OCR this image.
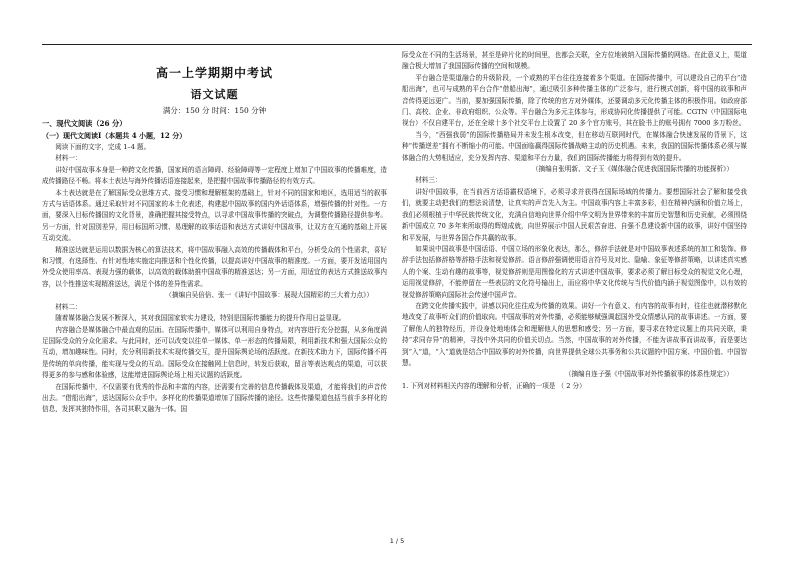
高一上学期期中考试
语文试题
满分：150 分 时间：150 分钟
一、现代文阅读（26 分）
（一）现代文阅读Ⅰ（本题共 4 小题，12 分）

阅读下面的文字，完成 1–4 题。

材料一：

讲好中国故事本身是一种跨文化传播，国家间的语言障碍、经验障碍等一定程度上增加了中国故事的传播难度，造成传播路径不畅。将本土表达与海外传播话语连接起来，是把握中国故事传播路径的有效方式。

本土表达就是在了解国际受众思维方式、接受习惯和理解框架的基础上，针对不同的国家和地区，选用适当的叙事方式与话语体系。通过采取针对不同国家的本土化表述，构建起中国故事的国内外话语体系，增强传播的针对性。一方面，要深入目标传播国的文化背景，准确把握其接受特点，以寻求中国故事传播的突破点，为调整传播路径提供参考。另一方面，针对国别差异，用目标国所习惯、易理解的故事话语和表达方式讲好中国故事，让双方在互通的基础上开展互动交流。

精准送达就是运用以数据为核心的算法技术，将中国故事融入高效的传播载体和平台，分析受众的个性需求，喜好和习惯，有选择性、有针对性地实施定向推送和个性化传播，以提高讲好中国故事的精准度。一方面，要开发适用国内外受众使用率高、表现力强的载体，以高效的载体助推中国故事的精准送达；另一方面，用适宜的表达方式推送故事内容，以个性推送实现精准送达，满足个体的差异性需求。

（摘编自吴倍倍、张一《讲好中国故事：展现大国精彩的三大着力点》）

材料二：

随着媒体融合发展不断深入，其对我国国家软实力建设，特别是国际传播能力的提升作用日益显现。

内容融合是媒体融合中最直观的层面。在国际传播中，媒体可以利用自身特点，对内容进行充分挖掘，从多角度满足国际受众的分众化需求。与此同时，还可以改变以往单一媒体、单一形态的传播局限，利用新技术和强大国际公众的互动，增加趣味性。同时，充分利用新技术实现传播交互，提升国际舆论场的活跃度。在新技术助力下，国际传播不再是传统的单向传播，能实现与受众的互动。国际受众在接触网上信息时，转发后获取，留言等表达观点的渠道，可以获得更多的参与感和体验感，这能增进国际舆论场上相关议题的活跃度。

在国际传播中，不仅需要有优秀的作品和丰富的内容，还需要有完善的信息传播载体及渠道，才能将我们的声音传出去。“借船出海”，送达国际公众手中。多样化的传播渠道增加了国际传播的途径。这些传播渠道包括当前手多样化的信息，发挥其独特作用，各司其职又融为一体。国

际受众在不同的生活场景，甚至是碎片化的时间里，也都会关联，全方位地被纳入国际传播的网络。在此意义上，渠道融合极大增加了我国国际传播的空间和规模。

平台融合是渠道融合的升级阶段，一个或熟的平台往往连接着多个渠道。在国际传播中，可以建设自己的平台“造船出海”，也可与成熟的平台合作“借船出海”，通过吸引多种传播主体的广泛参与，进行模式创新，将中国的故事和声音传得更远更广。当前，要加强国际传播，除了传统的官方对外媒体，还要调动多元化传播主体的积极作用。如政府部门、高校、企业、非政府组织、公众等。平台融合为多元主体参与，形成协同化传播提供了可能。CGTN（中国国际电视台）不仅自建平台，还在全球十多个社交平台上设置了 20 多个官方账号，其在脸书上的账号拥有 7000 多万粉丝。

当今，“西强我弱”的国际传播格局并未发生根本改变，但在移动互联网时代，在媒体融合快速发展的背景下，这种“传播逆差”拥有不断缩小的可能。中国面临赢得国际传播战略主动的历史机遇。未来，我国的国际传播体系必须与媒体融合的大势相适应，充分发挥内容、渠道和平台力量，我们的国际传播能力将得到有效的提升。

（摘编自张明新、文子玉《媒体融合促进我国国际传播的功能探析》）

材料三：

讲好中国故事，在当前西方话语霸权语境下，必须寻求并获得在国际场域的传播力。要想国际社会了解和接受我们，就要主动把我们的想法说清楚，让真实的声音先入为主。中国故事内容上丰富多彩，但在精神内涵和价值立场上，我们必须根植于中华民族传统文化，充满自信地向世界介绍中华文明为世界带来的丰富历史智慧和历史贡献，必须围绕新中国成立 70 多年来所取得的辉煌成就，向世界展示中国人民艰苦奋进、自强不息建设新中国的故事，讲好中国坚持和平发展，与世界各国合作共赢的故事。

如果说中国故事是中国话语、中国立场的形象化表达，那么，修辞手法就是对中国故事表述系统的加工和装饰。修辞手法包括修辞格等辞格手法和视觉修辞。语言修辞强调使用语言符号及对比、隐喻、象征等修辞策略，以讲述真实感人的个案、生动有趣的故事等，视觉修辞则是用图像化的方式讲述中国故事，要求必须了解目标受众的视觉文化心理，运用视觉修辞，不能停留在一些表层的文化符号输出上，而应将中华文化传统与当代价值内涵于视觉图像中，以有效的视觉修辞策略向国际社会传递中国声音。

在跨文化传播实践中，讲感以同化往往成为传播的效果。讲好一个有意义、有内容的故事有时，往往也就潜移默化地改变了故事听众们的价值取向。中国故事的对外传播，必须能够赋强调起国外受众情感认同的故事讲述。一方面，要了解他人的独特经历，并设身处地地体会和理解他人的思想和感受；另一方面，要寻求在特定议题上的共同关联，秉持“求同存异”的精神，寻找中外共同的价值关切点。当然，中国故事的对外传播，不能为讲故事而讲故事，而是要达到“入”道，“入”道就是结合中国故事的对外传播，向世界提供全球公共事务和公共议题的中国方案、中国价值、中国智慧。

（摘编自连子强《中国故事对外传播叙事的体系性规定》）

1. 下列对材料相关内容的理解和分析，正确的一项是 （ 2 分）

1 / 5
